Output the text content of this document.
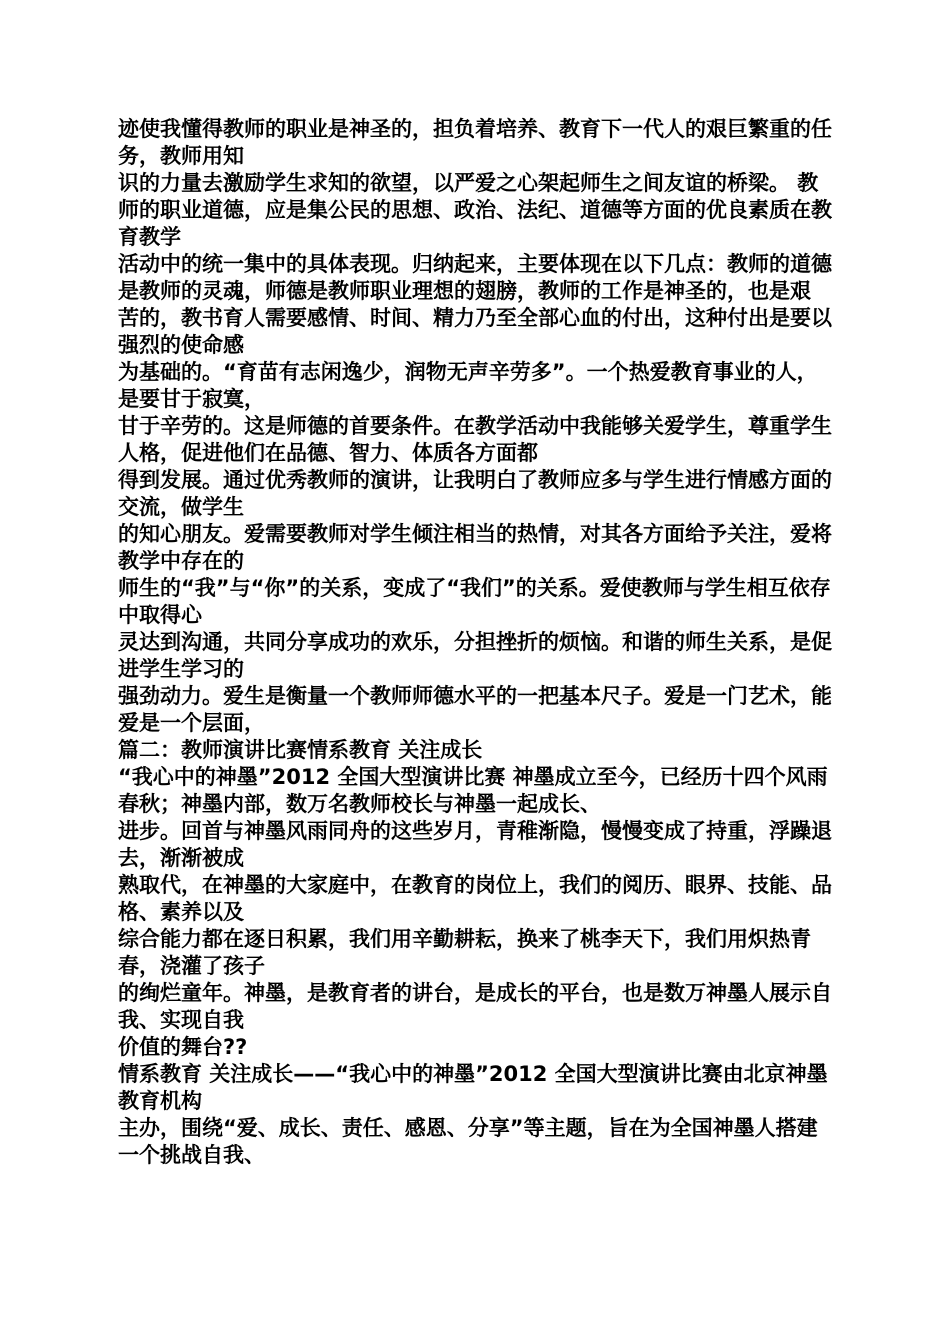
迹使我懂得教师的职业是神圣的，担负着培养、教育下一代人的艰巨繁重的任务，教师用知

识的力量去激励学生求知的欲望，以严爱之心架起师生之间友谊的桥梁。 教师的职业道德，应是集公民的思想、政治、法纪、道德等方面的优良素质在教育教学

活动中的统一集中的具体表现。归纳起来，主要体现在以下几点：教师的道德是教师的灵魂，师德是教师职业理想的翅膀，教师的工作是神圣的，也是艰

苦的，教书育人需要感情、时间、精力乃至全部心血的付出，这种付出是要以强烈的使命感

为基础的。“育苗有志闲逸少，润物无声辛劳多”。一个热爱教育事业的人，是要甘于寂寞，

甘于辛劳的。这是师德的首要条件。在教学活动中我能够关爱学生，尊重学生人格，促进他们在品德、智力、体质各方面都

得到发展。通过优秀教师的演讲，让我明白了教师应多与学生进行情感方面的交流，做学生

的知心朋友。爱需要教师对学生倾注相当的热情，对其各方面给予关注，爱将教学中存在的

师生的“我”与“你”的关系，变成了“我们”的关系。爱使教师与学生相互依存中取得心

灵达到沟通，共同分享成功的欢乐，分担挫折的烦恼。和谐的师生关系，是促进学生学习的

强劲动力。爱生是衡量一个教师师德水平的一把基本尺子。爱是一门艺术，能爱是一个层面，

篇二：教师演讲比赛情系教育 关注成长

“我心中的神墨”2012 全国大型演讲比赛 神墨成立至今，已经历十四个风雨春秋；神墨内部，数万名教师校长与神墨一起成长、

进步。回首与神墨风雨同舟的这些岁月，青稚渐隐，慢慢变成了持重，浮躁退去，渐渐被成

熟取代，在神墨的大家庭中，在教育的岗位上，我们的阅历、眼界、技能、品格、素养以及

综合能力都在逐日积累，我们用辛勤耕耘，换来了桃李天下，我们用炽热青春，浇灌了孩子

的绚烂童年。神墨，是教育者的讲台，是成长的平台，也是数万神墨人展示自我、实现自我

价值的舞台??

情系教育 关注成长——“我心中的神墨”2012 全国大型演讲比赛由北京神墨教育机构

主办，围绕“爱、成长、责任、感恩、分享”等主题，旨在为全国神墨人搭建一个挑战自我、
